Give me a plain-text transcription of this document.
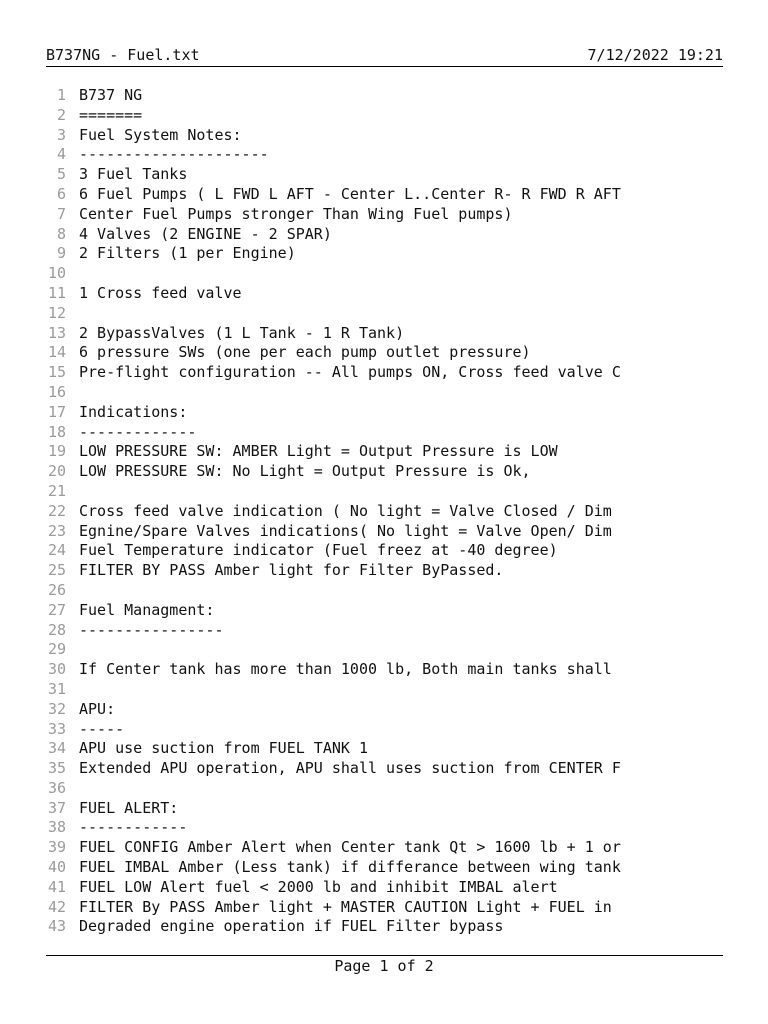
B737NG - Fuel.txt	7/12/2022 19:21
1 B737 NG
2 =======
3 Fuel System Notes:
4 ---------------------
5 3 Fuel Tanks
6 6 Fuel Pumps ( L FWD L AFT - Center L..Center R- R FWD R AFT
7 Center Fuel Pumps stronger Than Wing Fuel pumps)
8 4 Valves (2 ENGINE - 2 SPAR)
9 2 Filters (1 per Engine)
10
11 1 Cross feed valve
12
13 2 BypassValves (1 L Tank - 1 R Tank)
14 6 pressure SWs (one per each pump outlet pressure)
15 Pre-flight configuration -- All pumps ON, Cross feed valve C
16
17 Indications:
18 -------------
19 LOW PRESSURE SW: AMBER Light = Output Pressure is LOW
20 LOW PRESSURE SW: No Light = Output Pressure is Ok,
21
22 Cross feed valve indication ( No light = Valve Closed / Dim
23 Egnine/Spare Valves indications( No light = Valve Open/ Dim
24 Fuel Temperature indicator (Fuel freez at -40 degree)
25 FILTER BY PASS Amber light for Filter ByPassed.
26
27 Fuel Managment:
28 ----------------
29
30 If Center tank has more than 1000 lb, Both main tanks shall
31
32 APU:
33 -----
34 APU use suction from FUEL TANK 1
35 Extended APU operation, APU shall uses suction from CENTER F
36
37 FUEL ALERT:
38 ------------
39 FUEL CONFIG Amber Alert when Center tank Qt > 1600 lb + 1 or
40 FUEL IMBAL Amber (Less tank) if differance between wing tank
41 FUEL LOW Alert fuel < 2000 lb and inhibit IMBAL alert
42 FILTER By PASS Amber light + MASTER CAUTION Light + FUEL in
43 Degraded engine operation if FUEL Filter bypass
Page 1 of 2
